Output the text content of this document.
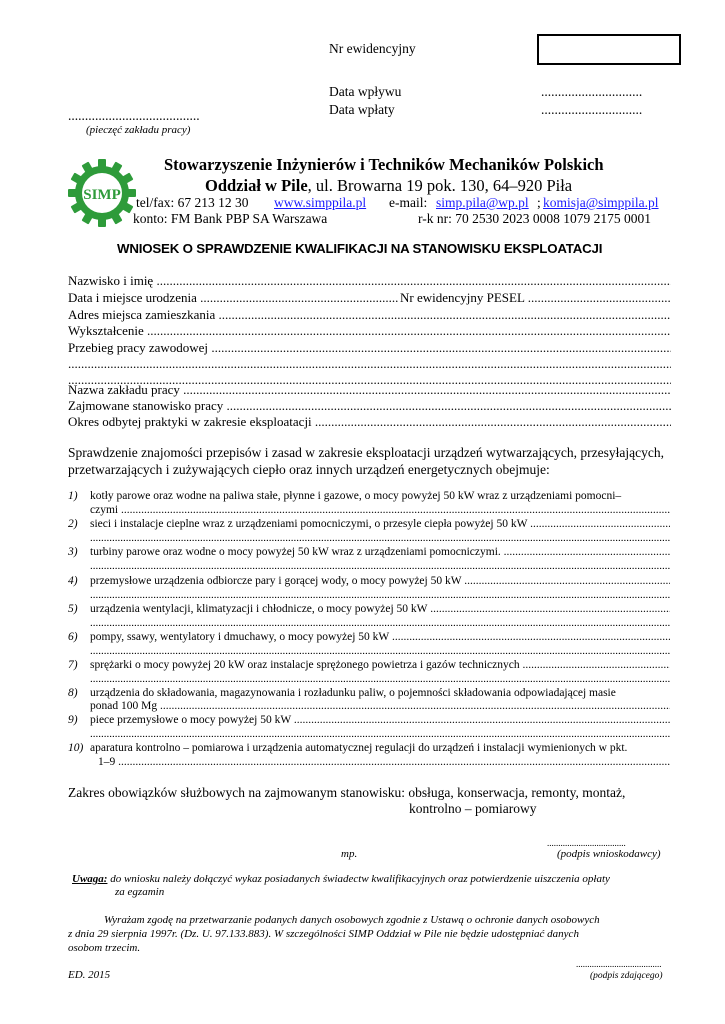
Nr ewidencyjny
Data wpływu	..............................
Data wpłaty	..............................
.......................................
(pieczęć zakładu pracy)
SIMP
Stowarzyszenie Inżynierów i Techników Mechaników Polskich
Oddział w Pile, ul. Browarna 19 pok. 130, 64–920 Piła
tel/fax: 67 213 12 30 www.simppila.pl e-mail: simp.pila@wp.pl ; komisja@simppila.pl
konto: FM Bank PBP SA Warszawa	r-k nr: 70 2530 2023 0008 1079 2175 0001
WNIOSEK O SPRAWDZENIE KWALIFIKACJI NA STANOWISKU EKSPLOATACJI
Nazwisko i imię .....
Data i miejsce urodzenia .....	Nr ewidencyjny PESEL .....
Adres miejsca zamieszkania .....
Wykształcenie .....
Przebieg pracy zawodowej .....
.....
.....
Nazwa zakładu pracy .....
Zajmowane stanowisko pracy .....
Okres odbytej praktyki w zakresie eksploatacji .....
Sprawdzenie znajomości przepisów i zasad w zakresie eksploatacji urządzeń wytwarzających, przesyłających,
przetwarzających i zużywających ciepło oraz innych urządzeń energetycznych obejmuje:
1) kotły parowe oraz wodne na paliwa stałe, płynne i gazowe, o mocy powyżej 50 kW wraz z urządzeniami pomocni–
czymi .....
2) sieci i instalacje cieplne wraz z urządzeniami pomocniczymi, o przesyle ciepła powyżej 50 kW .....
.....
3) turbiny parowe oraz wodne o mocy powyżej 50 kW wraz z urządzeniami pomocniczymi. .....
.....
4) przemysłowe urządzenia odbiorcze pary i gorącej wody, o mocy powyżej 50 kW .....
.....
5) urządzenia wentylacji, klimatyzacji i chłodnicze, o mocy powyżej 50 kW .....
.....
6) pompy, ssawy, wentylatory i dmuchawy, o mocy powyżej 50 kW .....
.....
7) sprężarki o mocy powyżej 20 kW oraz instalacje sprężonego powietrza i gazów technicznych .....
.....
8) urządzenia do składowania, magazynowania i rozładunku paliw, o pojemności składowania odpowiadającej masie
ponad 100 Mg .....
9) piece przemysłowe o mocy powyżej 50 kW .....
.....
10) aparatura kontrolno – pomiarowa i urządzenia automatycznej regulacji do urządzeń i instalacji wymienionych w pkt.
1–9 .....
Zakres obowiązków służbowych na zajmowanym stanowisku: obsługa, konserwacja, remonty, montaż,
kontrolno – pomiarowy
...................................
mp.	(podpis wnioskodawcy)
Uwaga: do wniosku należy dołączyć wykaz posiadanych świadectw kwalifikacyjnych oraz potwierdzenie uiszczenia opłaty
za egzamin
Wyrażam zgodę na przetwarzanie podanych danych osobowych zgodnie z Ustawą o ochronie danych osobowych
z dnia 29 sierpnia 1997r. (Dz. U. 97.133.883). W szczególności SIMP Oddział w Pile nie będzie udostępniać danych
osobom trzecim.
......................................
ED. 2015	(podpis zdającego)
